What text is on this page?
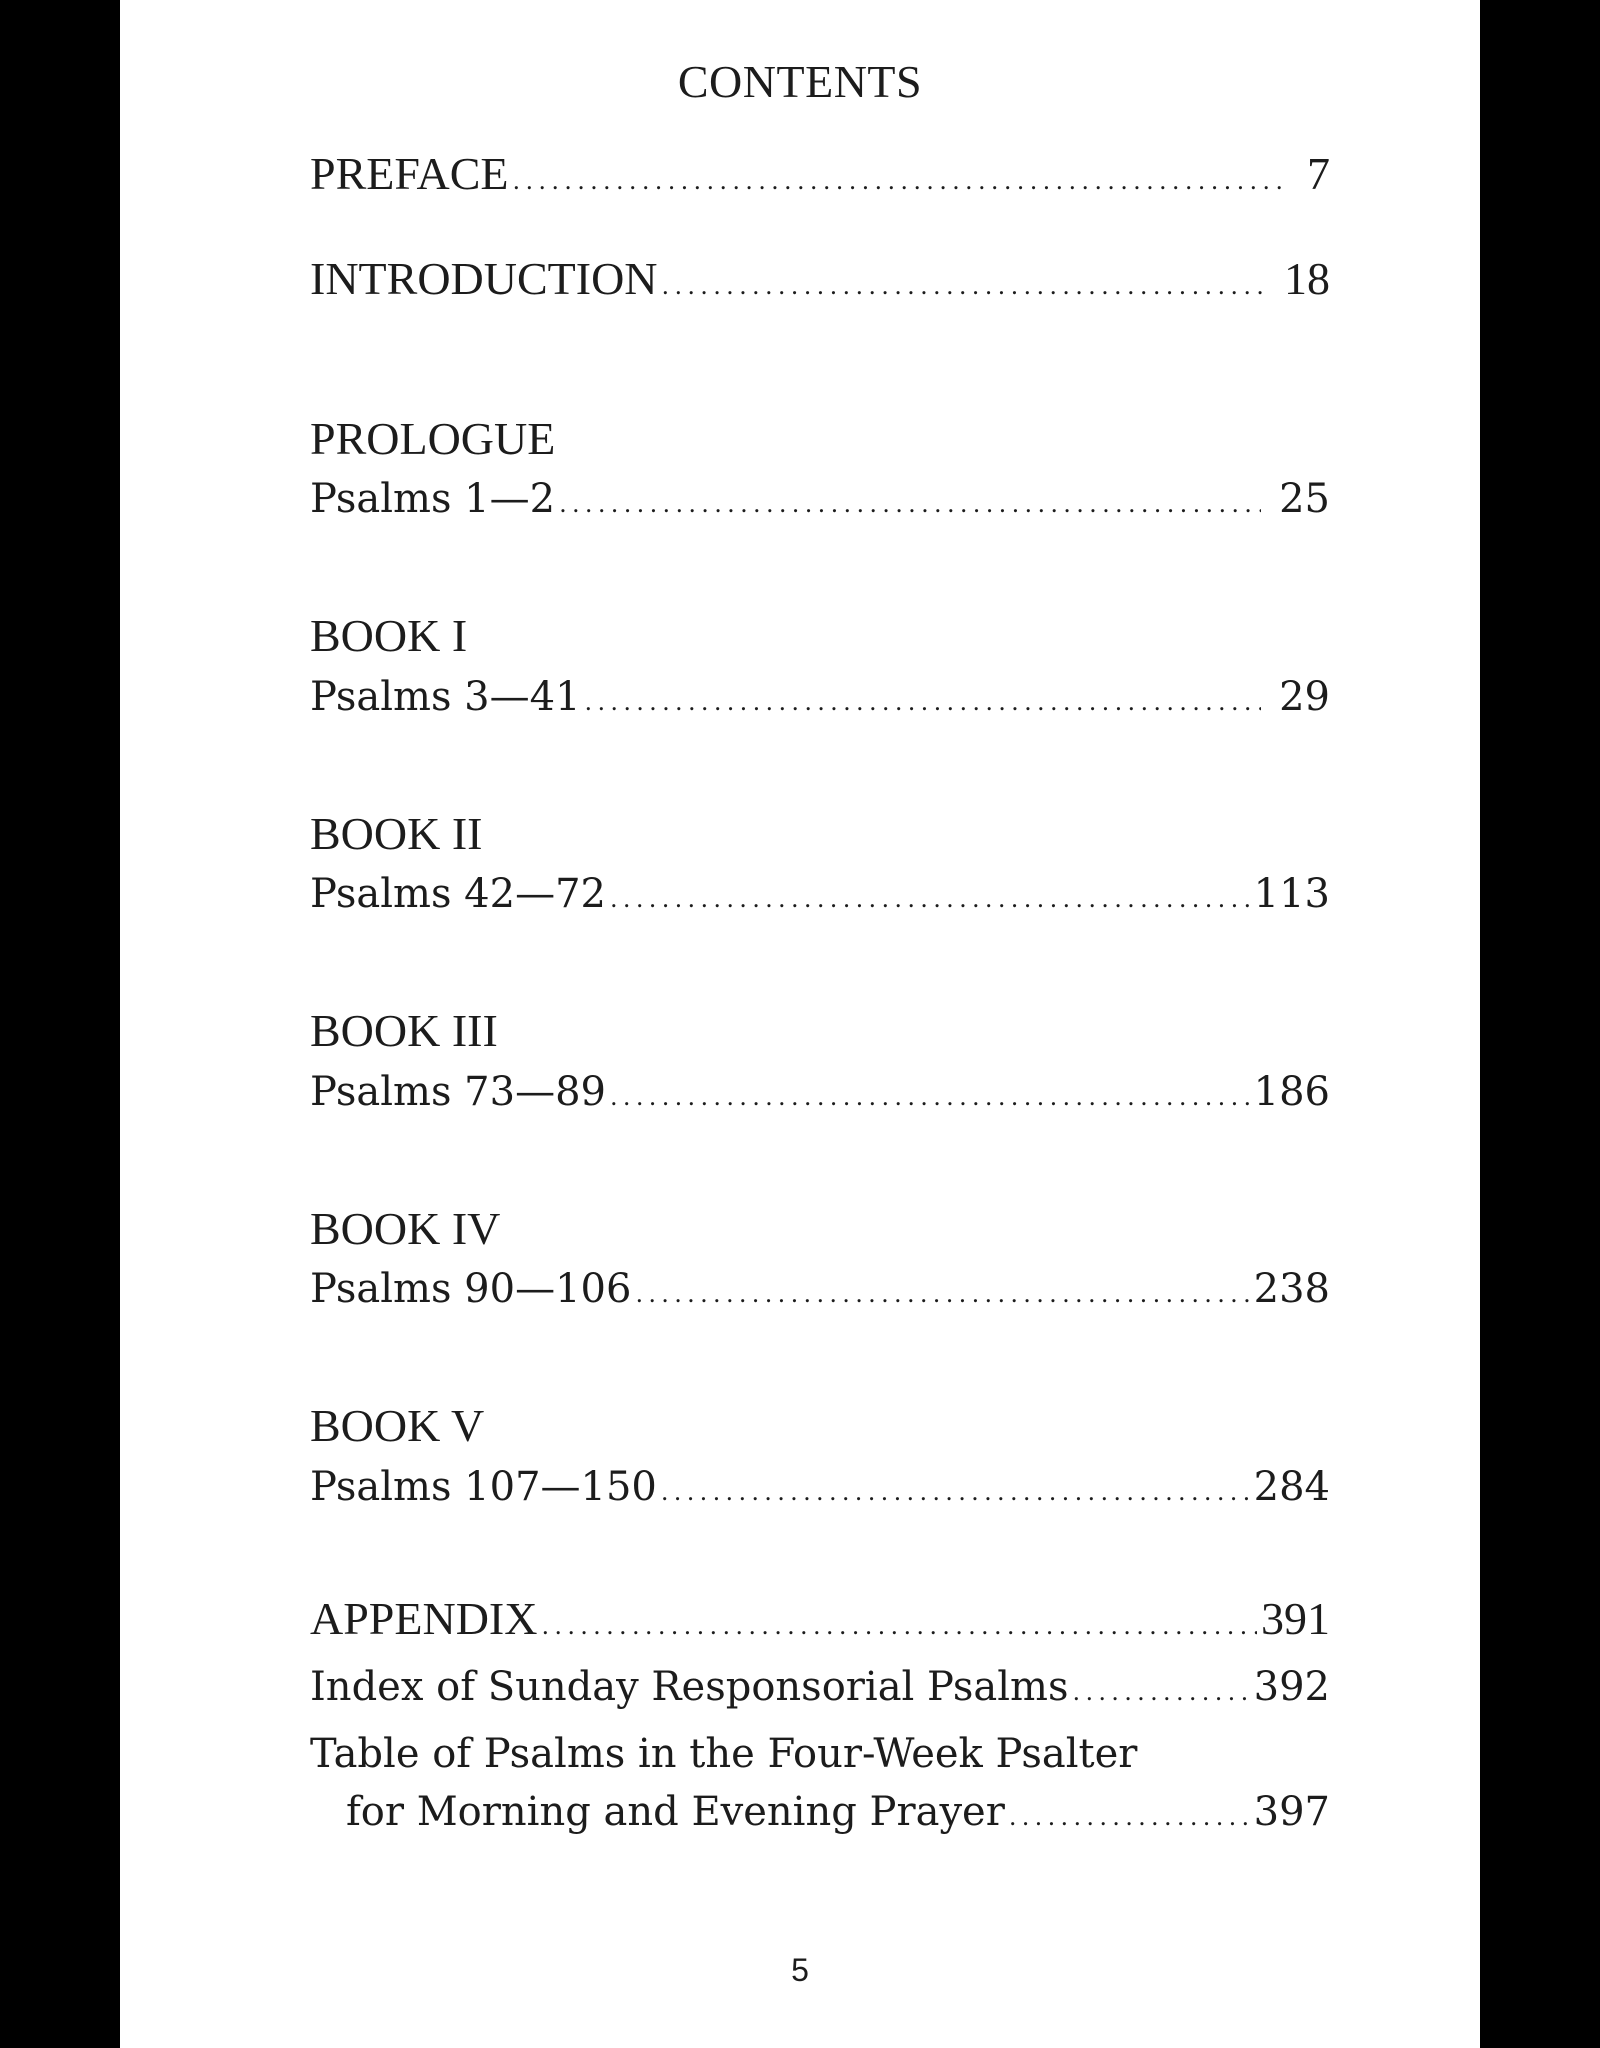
CONTENTS
PREFACE .....	7
INTRODUCTION .....	18
PROLOGUE
Psalms 1—2 .....	25
BOOK I
Psalms 3—41 .....	29
BOOK II
Psalms 42—72 .....	113
BOOK III
Psalms 73—89 .....	186
BOOK IV
Psalms 90—106 .....	238
BOOK V
Psalms 107—150 .....	284
APPENDIX .....	391
Index of Sunday Responsorial Psalms .....	392
Table of Psalms in the Four-Week Psalter
for Morning and Evening Prayer .....	397
5
